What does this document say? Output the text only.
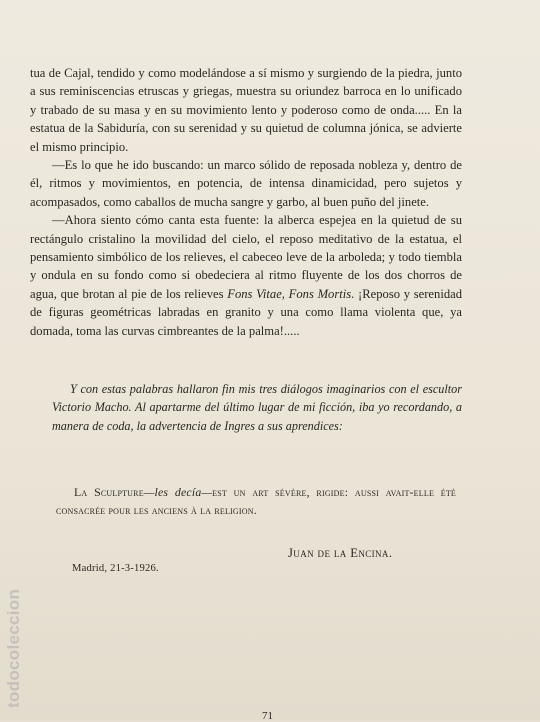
tua de Cajal, tendido y como modelándose a sí mismo y surgiendo de la piedra, junto a sus reminiscencias etruscas y griegas, muestra su oriundez barroca en lo unificado y trabado de su masa y en su movimiento lento y poderoso como de onda..... En la estatua de la Sabiduría, con su serenidad y su quietud de columna jónica, se advierte el mismo principio.

—Es lo que he ido buscando: un marco sólido de reposada nobleza y, dentro de él, ritmos y movimientos, en potencia, de intensa dinamicidad, pero sujetos y acompasados, como caballos de mucha sangre y garbo, al buen puño del jinete.

—Ahora siento cómo canta esta fuente: la alberca espejea en la quietud de su rectángulo cristalino la movilidad del cielo, el reposo meditativo de la estatua, el pensamiento simbólico de los relieves, el cabeceo leve de la arboleda; y todo tiembla y ondula en su fondo como si obedeciera al ritmo fluyente de los dos chorros de agua, que brotan al pie de los relieves Fons Vitae, Fons Mortis. ¡Reposo y serenidad de figuras geométricas labradas en granito y una como llama violenta que, ya domada, toma las curvas cimbreantes de la palma!.....

Y con estas palabras hallaron fin mis tres diálogos imaginarios con el escultor Victorio Macho. Al apartarme del último lugar de mi ficción, iba yo recordando, a manera de coda, la advertencia de Ingres a sus aprendices:

La Sculpture—les decía—est un art sévère, rigide: aussi avait-elle été consacrée pour les anciens à la religion.

Juan de la Encina.
Madrid, 21-3-1926.
71
todocoleccion
